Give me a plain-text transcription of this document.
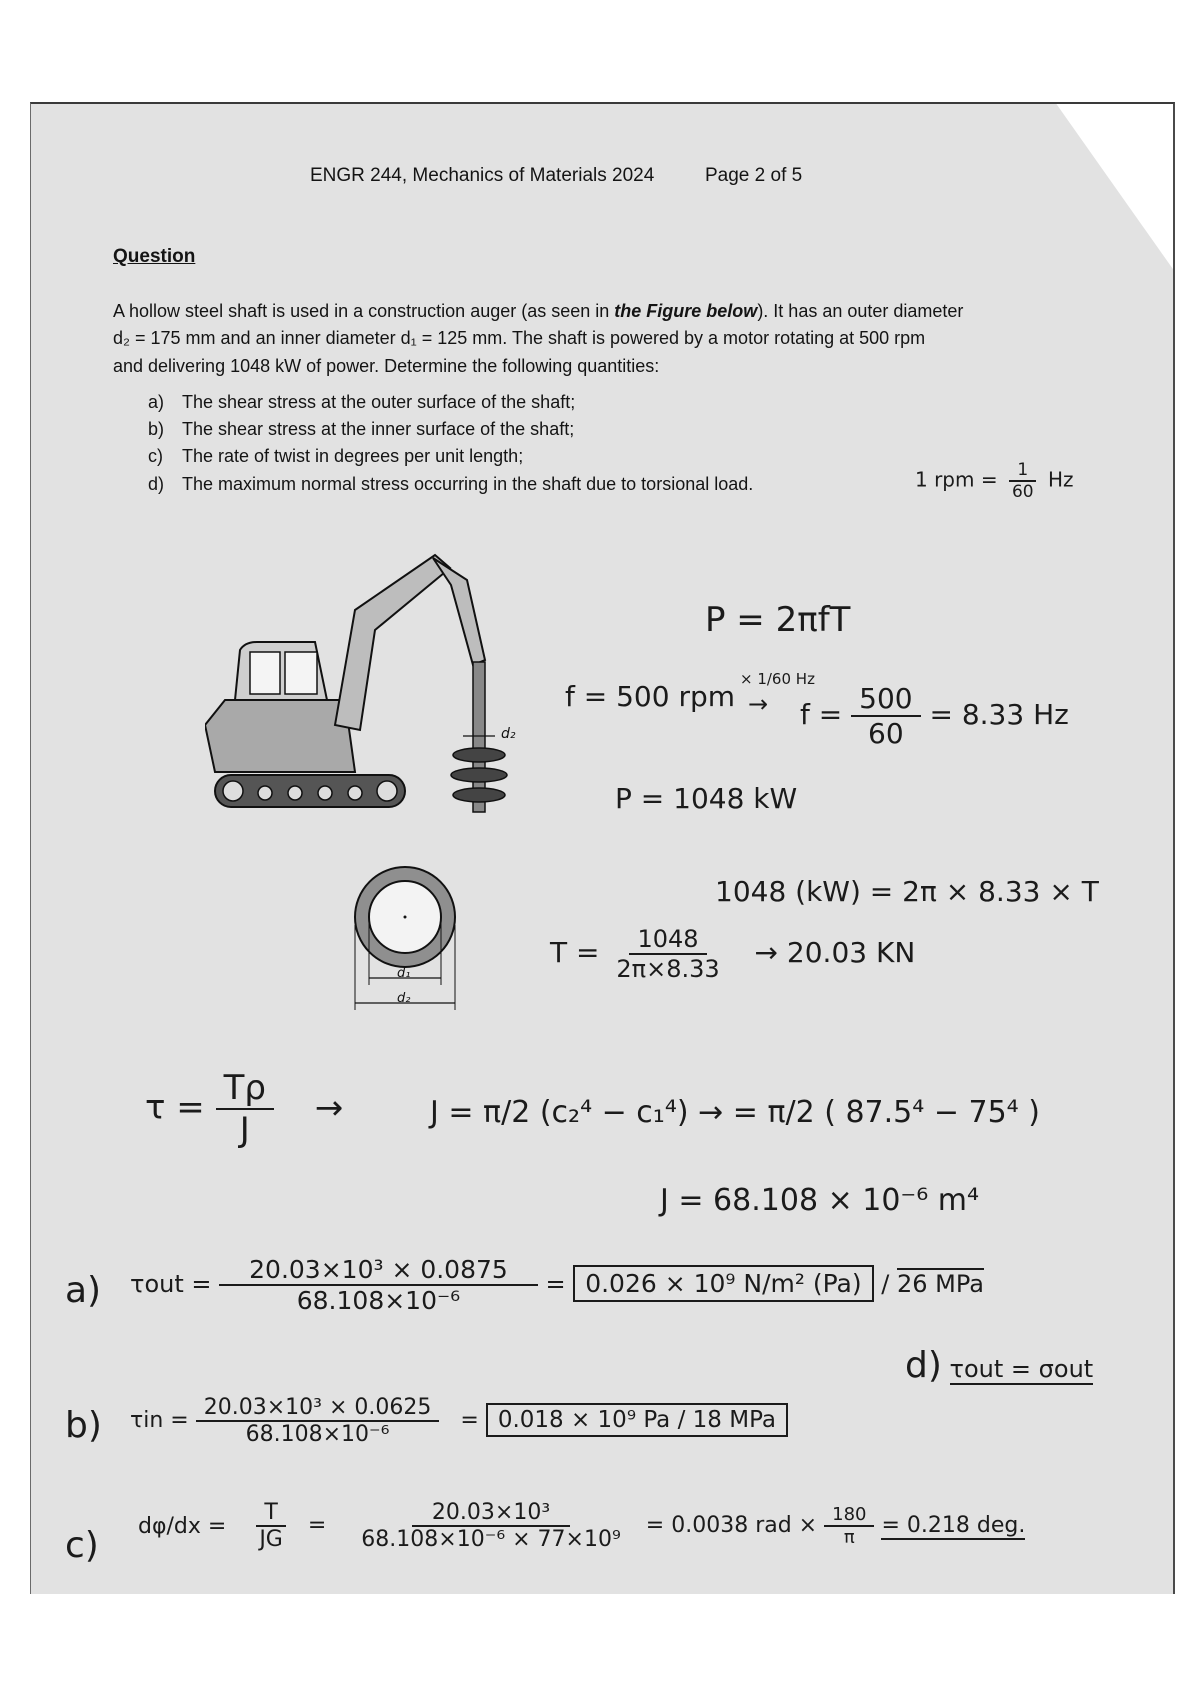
ENGR 244, Mechanics of Materials 2024	Page 2 of 5
Question
A hollow steel shaft is used in a construction auger (as seen in the Figure below). It has an outer diameter
d₂ = 175 mm and an inner diameter d₁ = 125 mm. The shaft is powered by a motor rotating at 500 rpm
and delivering 1048 kW of power. Determine the following quantities:
a) The shear stress at the outer surface of the shaft;
b) The shear stress at the inner surface of the shaft;
c) The rate of twist in degrees per unit length;
d) The maximum normal stress occurring in the shaft due to torsional load.
d₂
d₁
d₂
1 rpm = $\frac{1}{60}$ Hz
P = 2πfT
f = 500 rpm
× 1/60 Hz
→ $f = \frac{500}{60} = 8.33$ Hz
P = 1048 kW
1048 (kW) = 2π × 8.33 × T
$T = \frac{1048}{2\pi\times 8.33} \to 20.03$ KN
$\tau = \frac{T\rho}{J}$ →	J = π/2 (c₂⁴ − c₁⁴) → = π/2 ( 87.5⁴ − 75⁴ )
J = 68.108 × 10⁻⁶ m⁴
a) $\tau out = \frac{\text{20.03×10³ × 0.0875}}{\text{68.108×10⁻⁶}} = 0.026 \times 10^9$ N/m² (Pa) / 26 MPa
d) τout = σout
b) $\tau in = \frac{\text{20.03×10³ × 0.0625}}{\text{68.108×10⁻⁶}} = 0.018 \times 10^9$ Pa / 18 MPa
c)	dφ/dx =
	$\frac{T}{JG} = \frac{\text{20.03×10³}}{\text{68.108×10⁻⁶ × 77×10⁹}} = 0.0038$ rad × $\frac{180}{\pi} = 0.218$ deg.
